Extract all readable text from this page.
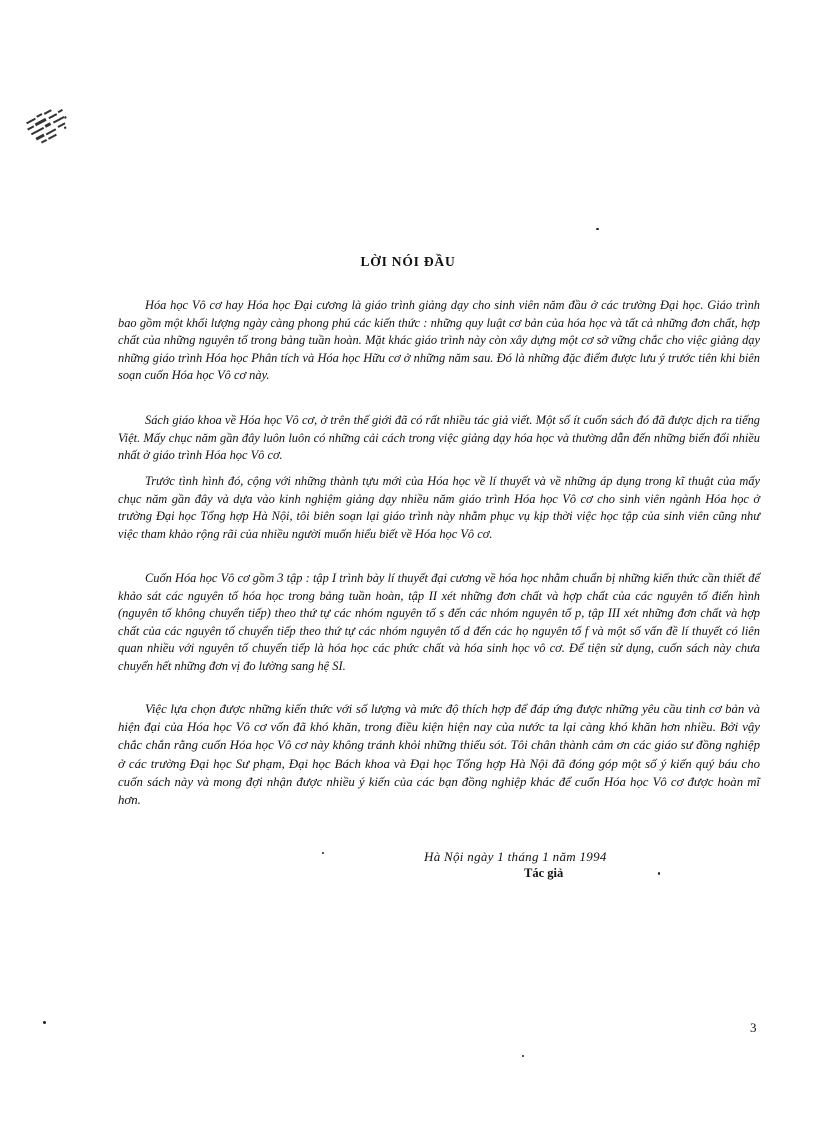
LỜI NÓI ĐẦU

Hóa học Vô cơ hay Hóa học Đại cương là giáo trình giảng dạy cho sinh viên năm đầu ở các trường Đại học. Giáo trình bao gồm một khối lượng ngày càng phong phú các kiến thức : những quy luật cơ bản của hóa học và tất cả những đơn chất, hợp chất của những nguyên tố trong bảng tuần hoàn. Mặt khác giáo trình này còn xây dựng một cơ sở vững chắc cho việc giảng dạy những giáo trình Hóa học Phân tích và Hóa học Hữu cơ ở những năm sau. Đó là những đặc điểm được lưu ý trước tiên khi biên soạn cuốn Hóa học Vô cơ này.

Sách giáo khoa về Hóa học Vô cơ, ở trên thế giới đã có rất nhiều tác giả viết. Một số ít cuốn sách đó đã được dịch ra tiếng Việt. Mấy chục năm gần đây luôn luôn có những cải cách trong việc giảng dạy hóa học và thường dẫn đến những biến đổi nhiều nhất ở giáo trình Hóa học Vô cơ.

Trước tình hình đó, cộng với những thành tựu mới của Hóa học về lí thuyết và về những áp dụng trong kĩ thuật của mấy chục năm gần đây và dựa vào kinh nghiệm giảng dạy nhiều năm giáo trình Hóa học Vô cơ cho sinh viên ngành Hóa học ở trường Đại học Tổng hợp Hà Nội, tôi biên soạn lại giáo trình này nhằm phục vụ kịp thời việc học tập của sinh viên cũng như việc tham khảo rộng rãi của nhiều người muốn hiểu biết về Hóa học Vô cơ.

Cuốn Hóa học Vô cơ gồm 3 tập : tập I trình bày lí thuyết đại cương về hóa học nhằm chuẩn bị những kiến thức cần thiết để khảo sát các nguyên tố hóa học trong bảng tuần hoàn, tập II xét những đơn chất và hợp chất của các nguyên tố điển hình (nguyên tố không chuyển tiếp) theo thứ tự các nhóm nguyên tố s đến các nhóm nguyên tố p, tập III xét những đơn chất và hợp chất của các nguyên tố chuyển tiếp theo thứ tự các nhóm nguyên tố d đến các họ nguyên tố f và một số vấn đề lí thuyết có liên quan nhiều với nguyên tố chuyển tiếp là hóa học các phức chất và hóa sinh học vô cơ. Để tiện sử dụng, cuốn sách này chưa chuyển hết những đơn vị đo lường sang hệ SI.

Việc lựa chọn được những kiến thức với số lượng và mức độ thích hợp để đáp ứng được những yêu cầu tinh cơ bản và hiện đại của Hóa học Vô cơ vốn đã khó khăn, trong điều kiện hiện nay của nước ta lại càng khó khăn hơn nhiều. Bởi vậy chắc chắn rằng cuốn Hóa học Vô cơ này không tránh khỏi những thiếu sót. Tôi chân thành cảm ơn các giáo sư đồng nghiệp ở các trường Đại học Sư phạm, Đại học Bách khoa và Đại học Tổng hợp Hà Nội đã đóng góp một số ý kiến quý báu cho cuốn sách này và mong đợi nhận được nhiều ý kiến của các bạn đồng nghiệp khác để cuốn Hóa học Vô cơ được hoàn mĩ hơn.

Hà Nội ngày 1 tháng 1 năm 1994
Tác giả
3
